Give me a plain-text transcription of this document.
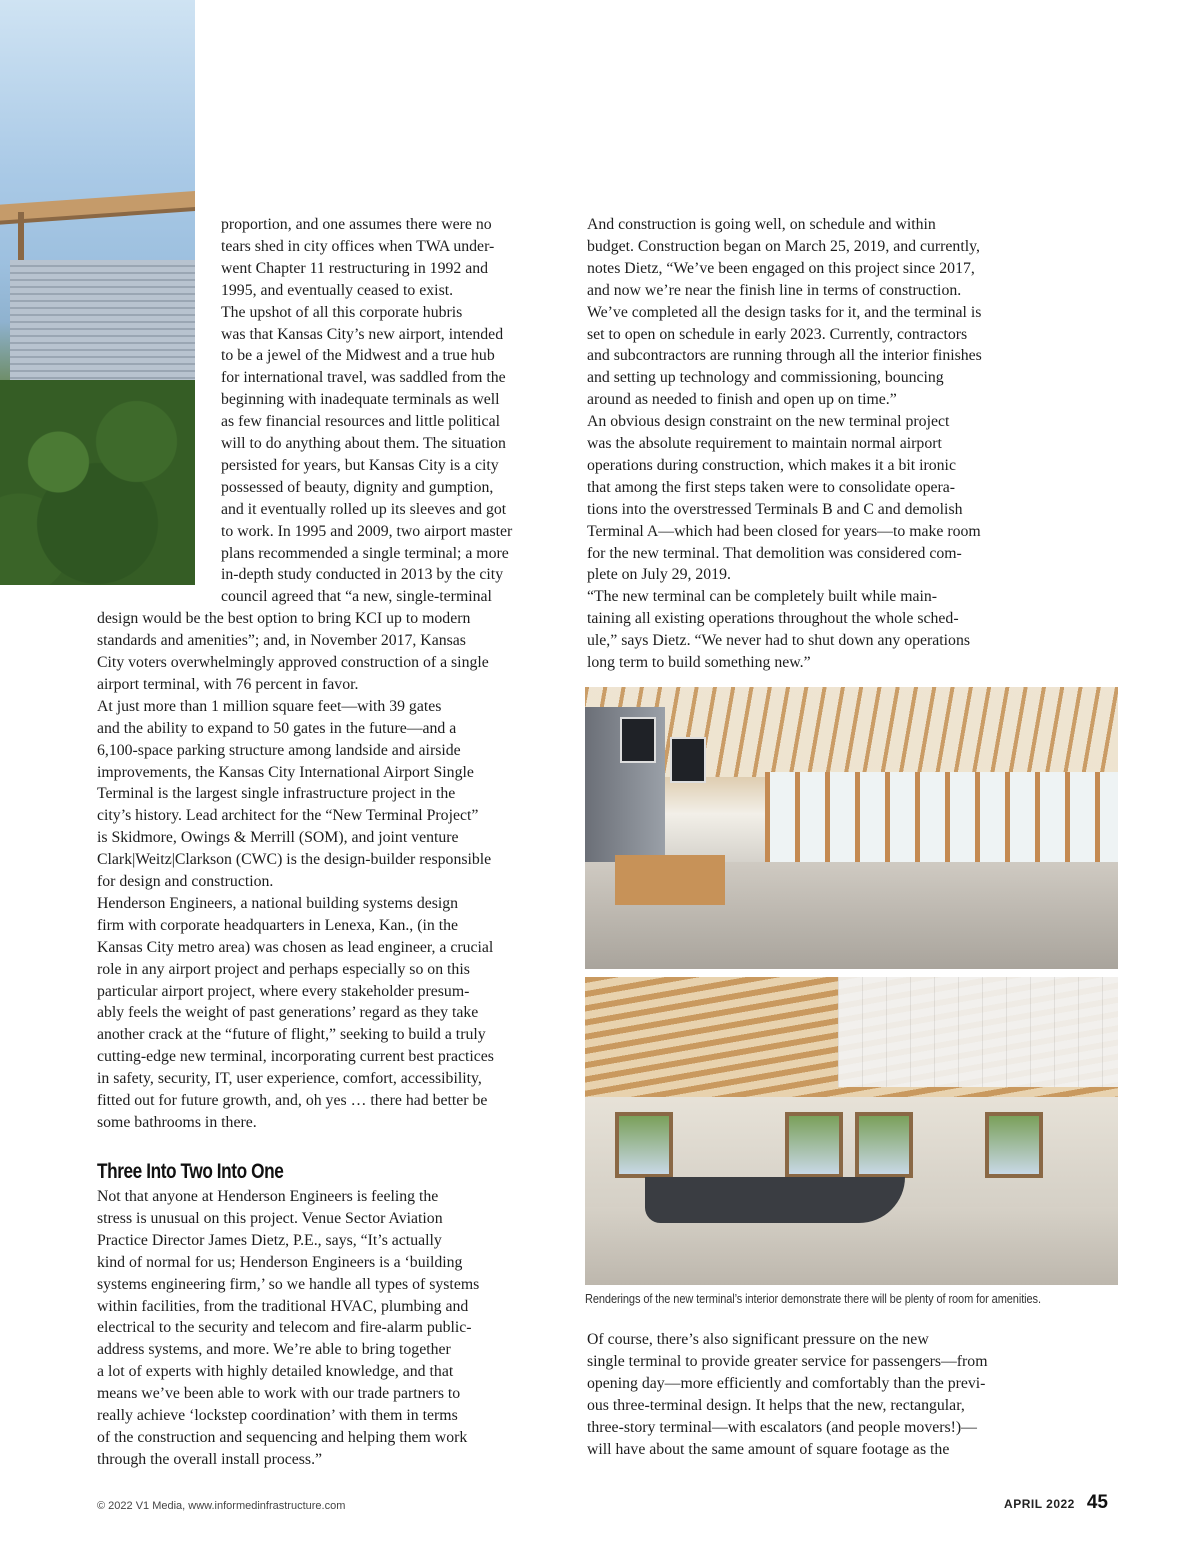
proportion, and one assumes there were no
tears shed in city offices when TWA under-
went Chapter 11 restructuring in 1992 and
1995, and eventually ceased to exist.
The upshot of all this corporate hubris
was that Kansas City’s new airport, intended
to be a jewel of the Midwest and a true hub
for international travel, was saddled from the
beginning with inadequate terminals as well
as few financial resources and little political
will to do anything about them. The situation
persisted for years, but Kansas City is a city
possessed of beauty, dignity and gumption,
and it eventually rolled up its sleeves and got
to work. In 1995 and 2009, two airport master
plans recommended a single terminal; a more
in-depth study conducted in 2013 by the city
council agreed that “a new, single-terminal
design would be the best option to bring KCI up to modern
standards and amenities”; and, in November 2017, Kansas
City voters overwhelmingly approved construction of a single
airport terminal, with 76 percent in favor.
At just more than 1 million square feet—with 39 gates
and the ability to expand to 50 gates in the future—and a
6,100-space parking structure among landside and airside
improvements, the Kansas City International Airport Single
Terminal is the largest single infrastructure project in the
city’s history. Lead architect for the “New Terminal Project”
is Skidmore, Owings & Merrill (SOM), and joint venture
Clark|Weitz|Clarkson (CWC) is the design-builder responsible
for design and construction.
Henderson Engineers, a national building systems design
firm with corporate headquarters in Lenexa, Kan., (in the
Kansas City metro area) was chosen as lead engineer, a crucial
role in any airport project and perhaps especially so on this
particular airport project, where every stakeholder presum-
ably feels the weight of past generations’ regard as they take
another crack at the “future of flight,” seeking to build a truly
cutting-edge new terminal, incorporating current best practices
in safety, security, IT, user experience, comfort, accessibility,
fitted out for future growth, and, oh yes … there had better be
some bathrooms in there.
Three Into Two Into One
Not that anyone at Henderson Engineers is feeling the
stress is unusual on this project. Venue Sector Aviation
Practice Director James Dietz, P.E., says, “It’s actually
kind of normal for us; Henderson Engineers is a ‘building
systems engineering firm,’ so we handle all types of systems
within facilities, from the traditional HVAC, plumbing and
electrical to the security and telecom and fire-alarm public-
address systems, and more. We’re able to bring together
a lot of experts with highly detailed knowledge, and that
means we’ve been able to work with our trade partners to
really achieve ‘lockstep coordination’ with them in terms
of the construction and sequencing and helping them work
through the overall install process.”
And construction is going well, on schedule and within
budget. Construction began on March 25, 2019, and currently,
notes Dietz, “We’ve been engaged on this project since 2017,
and now we’re near the finish line in terms of construction.
We’ve completed all the design tasks for it, and the terminal is
set to open on schedule in early 2023. Currently, contractors
and subcontractors are running through all the interior finishes
and setting up technology and commissioning, bouncing
around as needed to finish and open up on time.”
An obvious design constraint on the new terminal project
was the absolute requirement to maintain normal airport
operations during construction, which makes it a bit ironic
that among the first steps taken were to consolidate opera-
tions into the overstressed Terminals B and C and demolish
Terminal A—which had been closed for years—to make room
for the new terminal. That demolition was considered com-
plete on July 29, 2019.
“The new terminal can be completely built while main-
taining all existing operations throughout the whole sched-
ule,” says Dietz. “We never had to shut down any operations
long term to build something new.”
Renderings of the new terminal’s interior demonstrate there will be plenty of room for amenities.
Of course, there’s also significant pressure on the new
single terminal to provide greater service for passengers—from
opening day—more efficiently and comfortably than the previ-
ous three-terminal design. It helps that the new, rectangular,
three-story terminal—with escalators (and people movers!)—
will have about the same amount of square footage as the
© 2022 V1 Media, www.informedinfrastructure.com	APRIL 2022 45
